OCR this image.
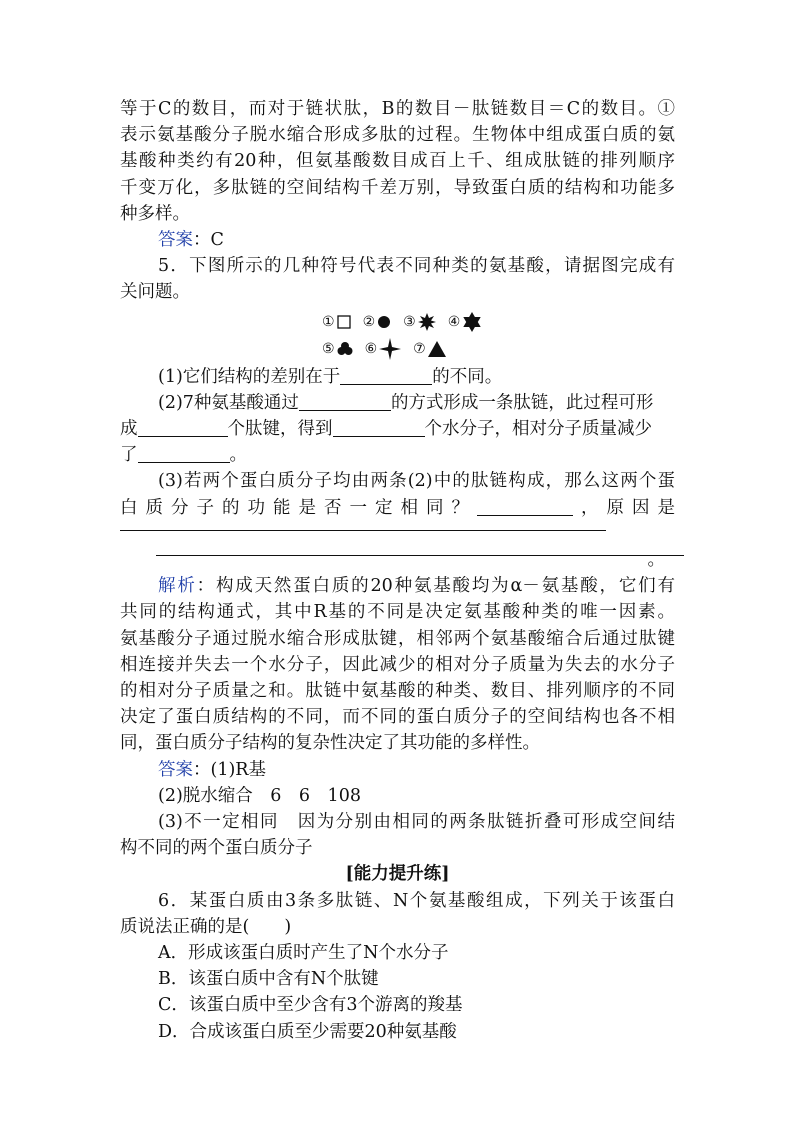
等于C的数目，而对于链状肽，B的数目－肽链数目＝C的数目。①
表示氨基酸分子脱水缩合形成多肽的过程。生物体中组成蛋白质的氨
基酸种类约有20种，但氨基酸数目成百上千、组成肽链的排列顺序
千变万化，多肽链的空间结构千差万别，导致蛋白质的结构和功能多
种多样。
答案：C
5．下图所示的几种符号代表不同种类的氨基酸，请据图完成有
关问题。
① ② ③ ④
⑤ ⑥	⑦
(1)它们结构的差别在于	的不同。
(2)7种氨基酸通过	的方式形成一条肽链，此过程可形
成	个肽键，得到	个水分子，相对分子质量减少
了	。
(3)若两个蛋白质分子均由两条(2)中的肽链构成，那么这两个蛋
白质分子的功能是否一定相同？	，原因是
。
解析：构成天然蛋白质的20种氨基酸均为α－氨基酸，它们有
共同的结构通式，其中R基的不同是决定氨基酸种类的唯一因素。
氨基酸分子通过脱水缩合形成肽键，相邻两个氨基酸缩合后通过肽键
相连接并失去一个水分子，因此减少的相对分子质量为失去的水分子
的相对分子质量之和。肽链中氨基酸的种类、数目、排列顺序的不同
决定了蛋白质结构的不同，而不同的蛋白质分子的空间结构也各不相
同，蛋白质分子结构的复杂性决定了其功能的多样性。
答案：(1)R基
(2)脱水缩合　6　6　108
(3)不一定相同　因为分别由相同的两条肽链折叠可形成空间结
构不同的两个蛋白质分子
[能力提升练]
6．某蛋白质由3条多肽链、N个氨基酸组成，下列关于该蛋白
质说法正确的是(　　)
A．形成该蛋白质时产生了N个水分子
B．该蛋白质中含有N个肽键
C．该蛋白质中至少含有3个游离的羧基
D．合成该蛋白质至少需要20种氨基酸
